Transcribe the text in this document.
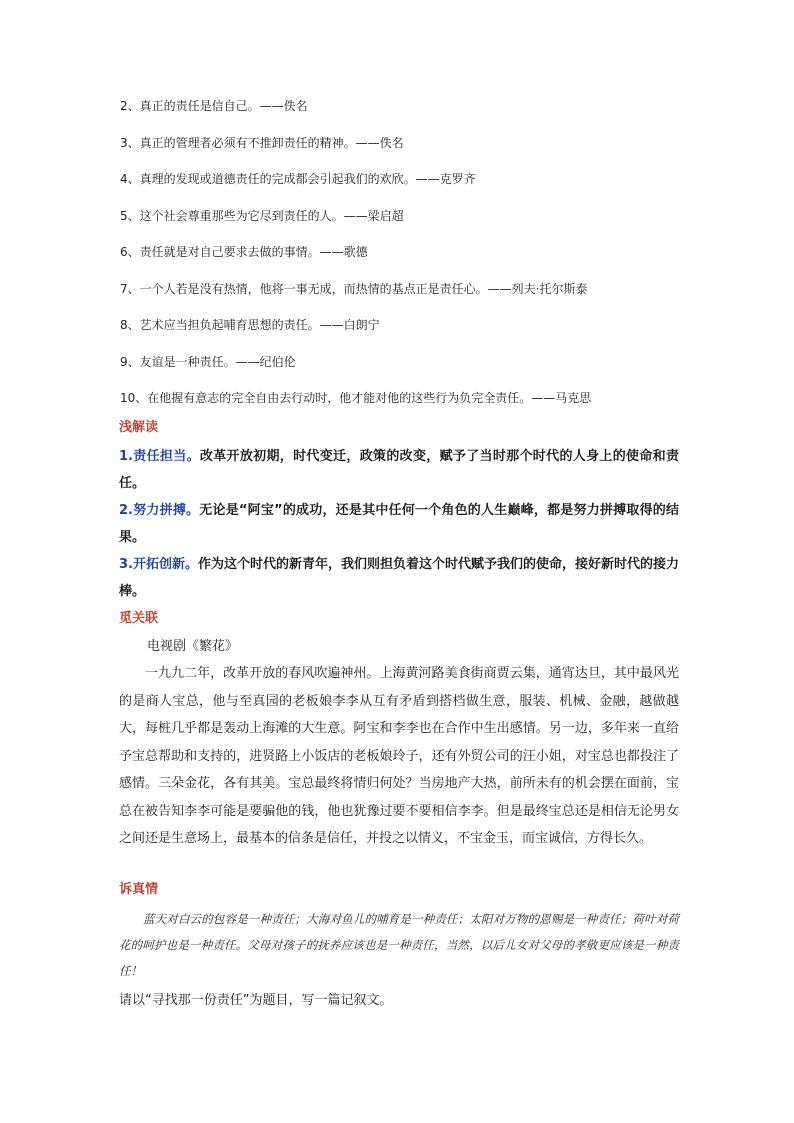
2、真正的责任是信自己。——佚名
3、真正的管理者必须有不推卸责任的精神。——佚名
4、真理的发现或道德责任的完成都会引起我们的欢欣。——克罗齐
5、这个社会尊重那些为它尽到责任的人。——梁启超
6、责任就是对自己要求去做的事情。——歌德
7、一个人若是没有热情，他将一事无成，而热情的基点正是责任心。——列夫·托尔斯泰
8、艺术应当担负起哺育思想的责任。——白朗宁
9、友谊是一种责任。——纪伯伦
10、在他握有意志的完全自由去行动时，他才能对他的这些行为负完全责任。——马克思
浅解读

1.责任担当。改革开放初期，时代变迁，政策的改变，赋予了当时那个时代的人身上的使命和责任。

2.努力拼搏。无论是“阿宝”的成功，还是其中任何一个角色的人生巅峰，都是努力拼搏取得的结果。

3.开拓创新。作为这个时代的新青年，我们则担负着这个时代赋予我们的使命，接好新时代的接力棒。

觅关联

电视剧《繁花》

一九九二年，改革开放的春风吹遍神州。上海黄河路美食街商贾云集，通宵达旦，其中最风光的是商人宝总，他与至真园的老板娘李李从互有矛盾到搭档做生意，服装、机械、金融，越做越大，每桩几乎都是轰动上海滩的大生意。阿宝和李李也在合作中生出感情。另一边，多年来一直给予宝总帮助和支持的，进贤路上小饭店的老板娘玲子，还有外贸公司的汪小姐，对宝总也都投注了感情。三朵金花，各有其美。宝总最终将情归何处？当房地产大热，前所未有的机会摆在面前，宝总在被告知李李可能是要骗他的钱，他也犹豫过要不要相信李李。但是最终宝总还是相信无论男女之间还是生意场上，最基本的信条是信任，并投之以情义，不宝金玉，而宝诚信，方得长久。

诉真情

蓝天对白云的包容是一种责任；大海对鱼儿的哺育是一种责任；太阳对万物的恩赐是一种责任；荷叶对荷花的呵护也是一种责任。父母对孩子的抚养应该也是一种责任，当然，以后儿女对父母的孝敬更应该是一种责任！

请以“寻找那一份责任”为题目，写一篇记叙文。
